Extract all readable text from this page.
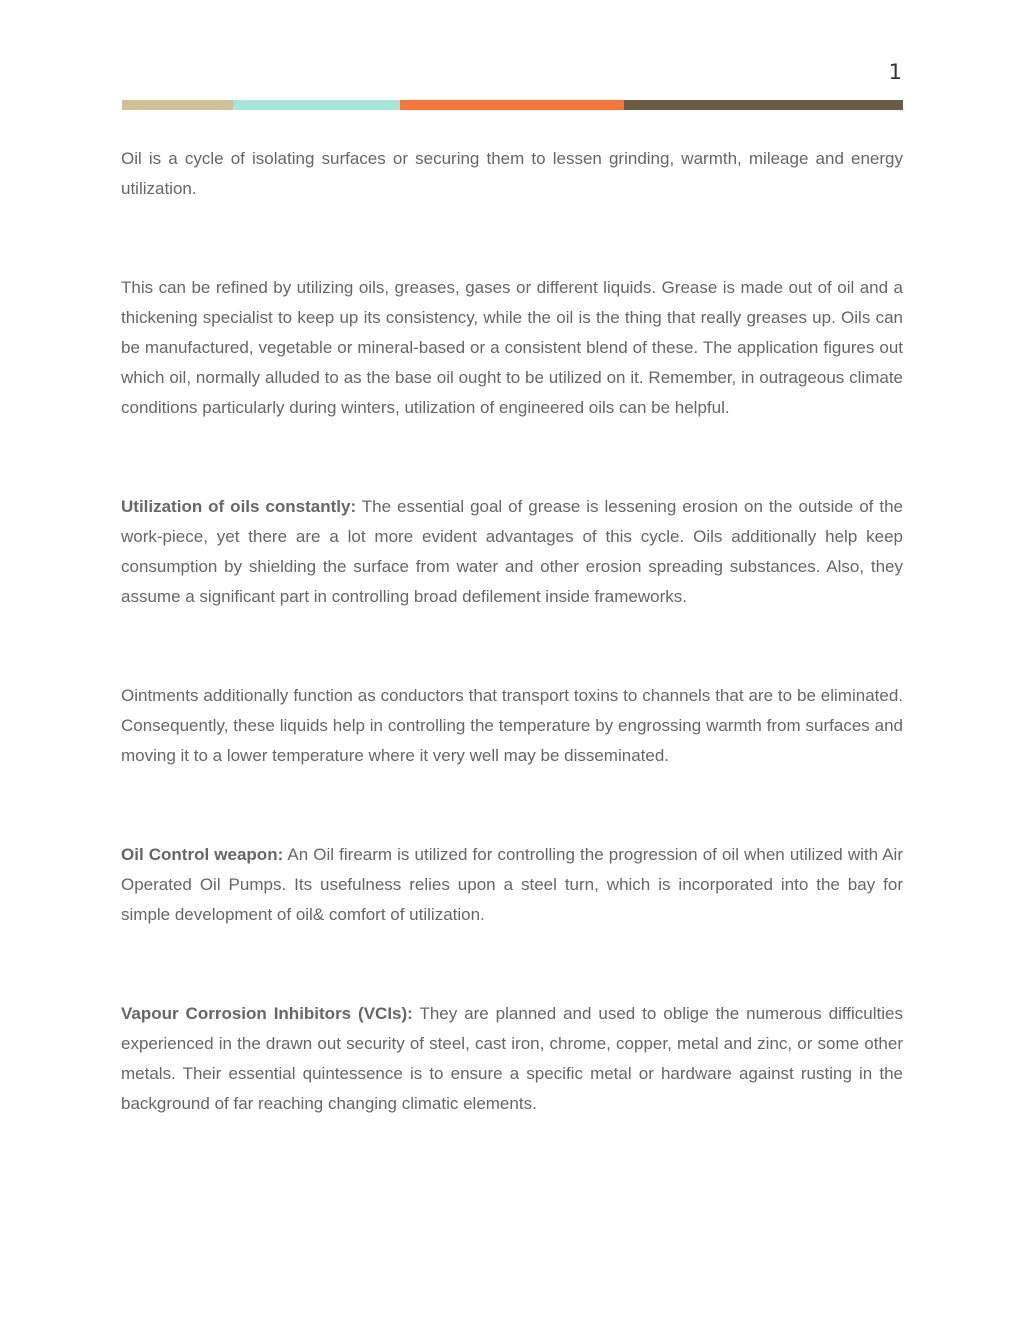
1

Oil is a cycle of isolating surfaces or securing them to lessen grinding, warmth, mileage and energy utilization.

This can be refined by utilizing oils, greases, gases or different liquids. Grease is made out of oil and a thickening specialist to keep up its consistency, while the oil is the thing that really greases up. Oils can be manufactured, vegetable or mineral-based or a consistent blend of these. The application figures out which oil, normally alluded to as the base oil ought to be utilized on it. Remember, in outrageous climate conditions particularly during winters, utilization of engineered oils can be helpful.

Utilization of oils constantly: The essential goal of grease is lessening erosion on the outside of the work-piece, yet there are a lot more evident advantages of this cycle. Oils additionally help keep consumption by shielding the surface from water and other erosion spreading substances. Also, they assume a significant part in controlling broad defilement inside frameworks.

Ointments additionally function as conductors that transport toxins to channels that are to be eliminated. Consequently, these liquids help in controlling the temperature by engrossing warmth from surfaces and moving it to a lower temperature where it very well may be disseminated.

Oil Control weapon: An Oil firearm is utilized for controlling the progression of oil when utilized with Air Operated Oil Pumps. Its usefulness relies upon a steel turn, which is incorporated into the bay for simple development of oil& comfort of utilization.

Vapour Corrosion Inhibitors (VCIs): They are planned and used to oblige the numerous difficulties experienced in the drawn out security of steel, cast iron, chrome, copper, metal and zinc, or some other metals. Their essential quintessence is to ensure a specific metal or hardware against rusting in the background of far reaching changing climatic elements.
